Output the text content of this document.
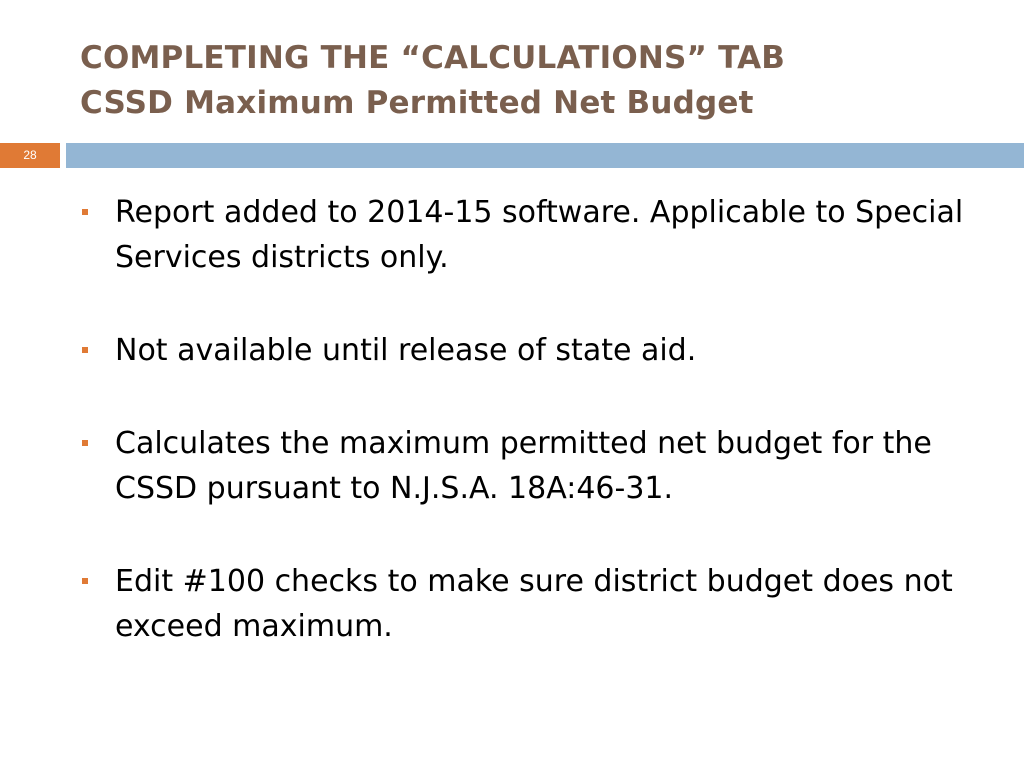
COMPLETING THE “CALCULATIONS” TAB
CSSD Maximum Permitted Net Budget
28
Report added to 2014-15 software. Applicable to Special Services districts only.
Not available until release of state aid.
Calculates the maximum permitted net budget for the CSSD pursuant to N.J.S.A. 18A:46-31.
Edit #100 checks to make sure district budget does not exceed maximum.
